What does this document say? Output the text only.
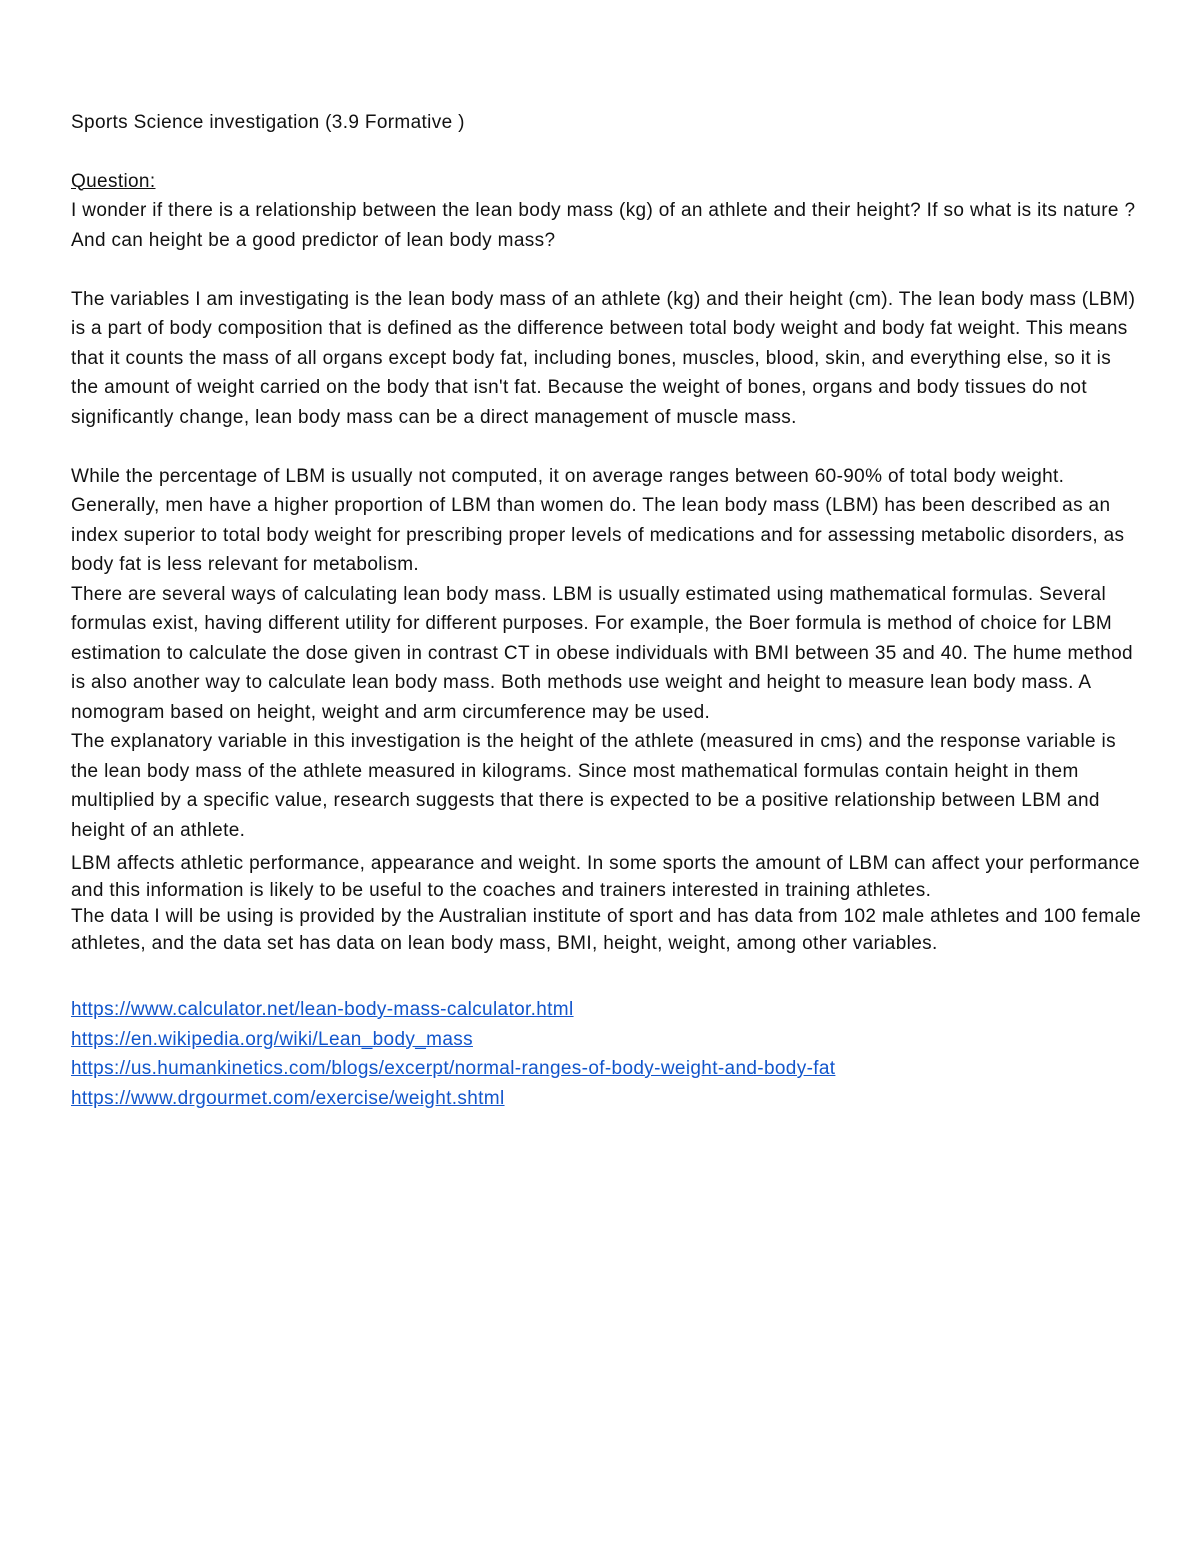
Sports Science investigation (3.9 Formative )

Question:

I wonder if there is a relationship between the lean body mass (kg) of an athlete and their height? If so what is its nature ? And can height be a good predictor of lean body mass?

The variables I am investigating is the lean body mass of an athlete (kg) and their height (cm). The lean body mass (LBM) is a part of body composition that is defined as the difference between total body weight and body fat weight. This means that it counts the mass of all organs except body fat, including bones, muscles, blood, skin, and everything else, so it is the amount of weight carried on the body that isn't fat. Because the weight of bones, organs and body tissues do not significantly change, lean body mass can be a direct management of muscle mass.

While the percentage of LBM is usually not computed, it on average ranges between 60-90% of total body weight. Generally, men have a higher proportion of LBM than women do. The lean body mass (LBM) has been described as an index superior to total body weight for prescribing proper levels of medications and for assessing metabolic disorders, as body fat is less relevant for metabolism.

There are several ways of calculating lean body mass. LBM is usually estimated using mathematical formulas. Several formulas exist, having different utility for different purposes. For example, the Boer formula is method of choice for LBM estimation to calculate the dose given in contrast CT in obese individuals with BMI between 35 and 40. The hume method is also another way to calculate lean body mass. Both methods use weight and height to measure lean body mass. A nomogram based on height, weight and arm circumference may be used.

The explanatory variable in this investigation is the height of the athlete (measured in cms) and the response variable is the lean body mass of the athlete measured in kilograms. Since most mathematical formulas contain height in them multiplied by a specific value, research suggests that there is expected to be a positive relationship between LBM and height of an athlete.

LBM affects athletic performance, appearance and weight. In some sports the amount of LBM can affect your performance and this information is likely to be useful to the coaches and trainers interested in training athletes.

The data I will be using is provided by the Australian institute of sport and has data from 102 male athletes and 100 female athletes, and the data set has data on lean body mass, BMI, height, weight, among other variables.

https://www.calculator.net/lean-body-mass-calculator.html
https://en.wikipedia.org/wiki/Lean_body_mass
https://us.humankinetics.com/blogs/excerpt/normal-ranges-of-body-weight-and-body-fat
https://www.drgourmet.com/exercise/weight.shtml
